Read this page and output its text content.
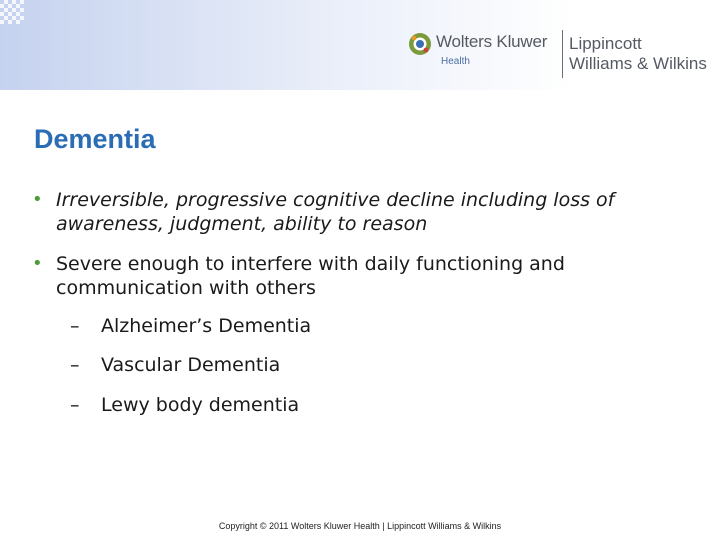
Wolters Kluwer
Health
Lippincott
Williams & Wilkins
Dementia
• Irreversible, progressive cognitive decline including loss of awareness, judgment, ability to reason
• Severe enough to interfere with daily functioning and communication with others
– Alzheimer’s Dementia
– Vascular Dementia
– Lewy body dementia
Copyright © 2011 Wolters Kluwer Health | Lippincott Williams & Wilkins
